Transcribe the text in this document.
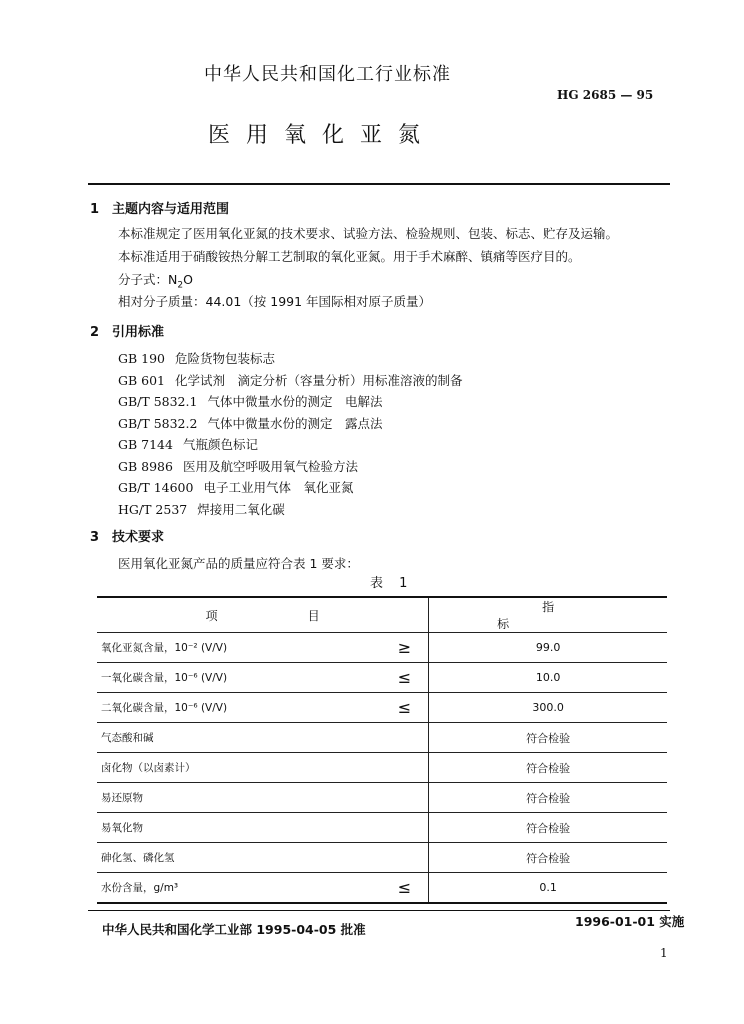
中华人民共和国化工行业标准
HG 2685 — 95
医用氧化亚氮
1　主题内容与适用范围
本标准规定了医用氧化亚氮的技术要求、试验方法、检验规则、包装、标志、贮存及运输。
本标准适用于硝酸铵热分解工艺制取的氧化亚氮。用于手术麻醉、镇痛等医疗目的。
分子式：$N_2O$
相对分子质量：44.01（按 1991 年国际相对原子质量）
2　引用标准
GB 190 危险货物包装标志
GB 601 化学试剂　滴定分析（容量分析）用标准溶液的制备
GB/T 5832.1 气体中微量水份的测定　电解法
GB/T 5832.2 气体中微量水份的测定　露点法
GB 7144 气瓶颜色标记
GB 8986 医用及航空呼吸用氧气检验方法
GB/T 14600 电子工业用气体　氧化亚氮
HG/T 2537 焊接用二氧化碳
3　技术要求
医用氧化亚氮产品的质量应符合表 1 要求：
表 1
项目		指标
氧化亚氮含量，10⁻² (V/V)	≥	99.0
一氧化碳含量，10⁻⁶ (V/V)	≤	10.0
二氧化碳含量，10⁻⁶ (V/V)	≤	300.0
气态酸和碱		符合检验
卤化物（以卤素计）		符合检验
易还原物		符合检验
易氧化物		符合检验
砷化氢、磷化氢		符合检验
水份含量，g/m³	≤	0.1
中华人民共和国化学工业部 1995-04-05 批准
1996-01-01 实施
1
